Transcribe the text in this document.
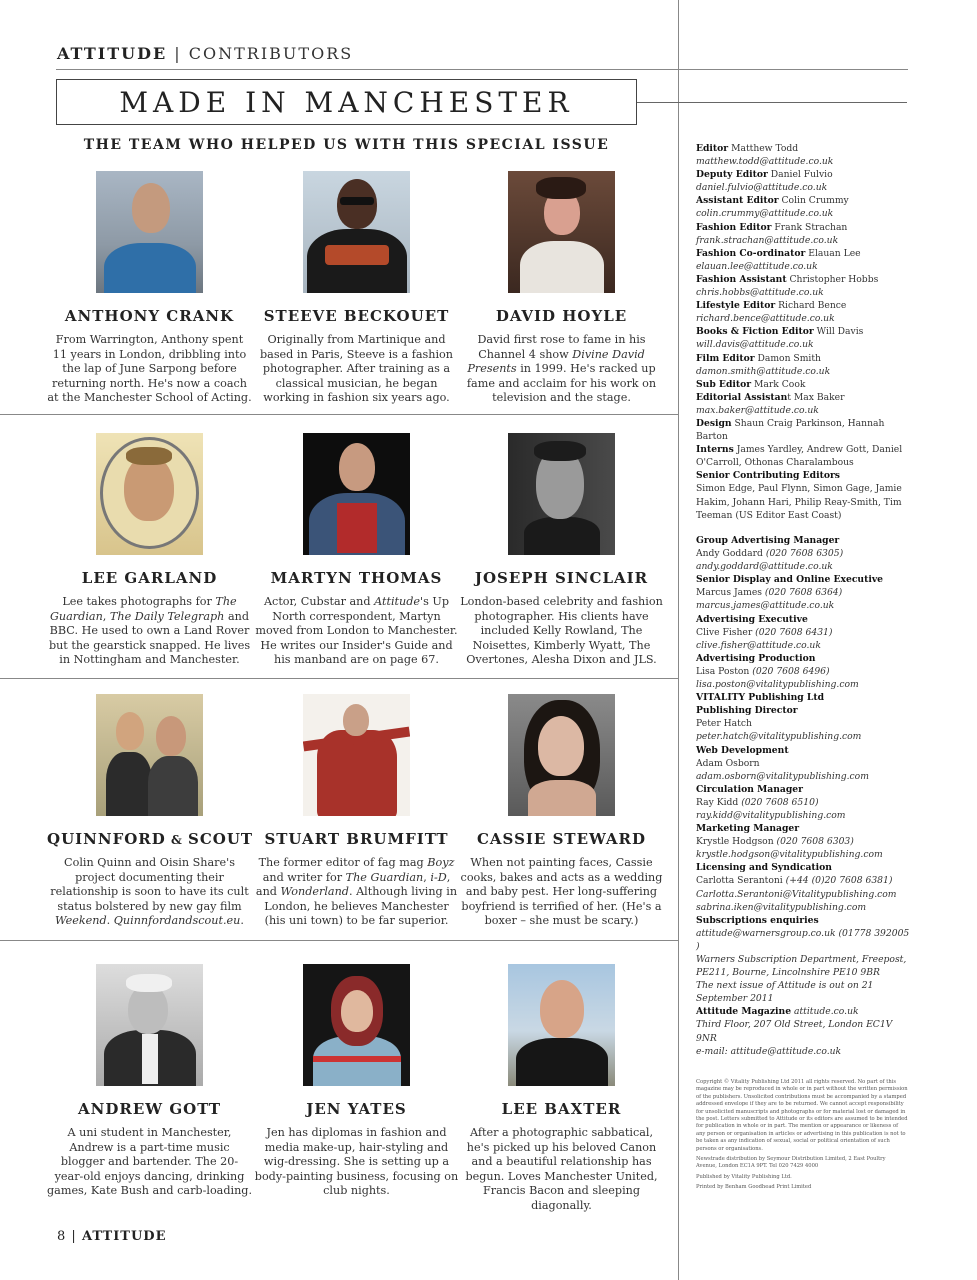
ATTITUDE | CONTRIBUTORS
MADE IN MANCHESTER
THE TEAM WHO HELPED US WITH THIS SPECIAL ISSUE
ANTHONY CRANK
From Warrington, Anthony spent 11 years in London, dribbling into the lap of June Sarpong before returning north. He's now a coach at the Manchester School of Acting.
STEEVE BECKOUET
Originally from Martinique and based in Paris, Steeve is a fashion photographer. After training as a classical musician, he began working in fashion six years ago.
DAVID HOYLE
David first rose to fame in his Channel 4 show Divine David Presents in 1999. He's racked up fame and acclaim for his work on television and the stage.
LEE GARLAND
Lee takes photographs for The Guardian, The Daily Telegraph and BBC. He used to own a Land Rover but the gearstick snapped. He lives in Nottingham and Manchester.
MARTYN THOMAS
Actor, Cubstar and Attitude's Up North correspondent, Martyn moved from London to Manchester. He writes our Insider's Guide and his manband are on page 67.
JOSEPH SINCLAIR
London-based celebrity and fashion photographer. His clients have included Kelly Rowland, The Noisettes, Kimberly Wyatt, The Overtones, Alesha Dixon and JLS.
QUINNFORD & SCOUT
Colin Quinn and Oisin Share's project documenting their relationship is soon to have its cult status bolstered by new gay film Weekend. Quinnfordandscout.eu.
STUART BRUMFITT
The former editor of fag mag Boyz and writer for The Guardian, i-D, and Wonderland. Although living in London, he believes Manchester (his uni town) to be far superior.
CASSIE STEWARD
When not painting faces, Cassie cooks, bakes and acts as a wedding and baby pest. Her long-suffering boyfriend is terrified of her. (He's a boxer – she must be scary.)
ANDREW GOTT
A uni student in Manchester, Andrew is a part-time music blogger and bartender. The 20-year-old enjoys dancing, drinking games, Kate Bush and carb-loading.
JEN YATES
Jen has diplomas in fashion and media make-up, hair-styling and wig-dressing. She is setting up a body-painting business, focusing on club nights.
LEE BAXTER
After a photographic sabbatical, he's picked up his beloved Canon and a beautiful relationship has begun. Loves Manchester United, Francis Bacon and sleeping diagonally.
Editor Matthew Todd
matthew.todd@attitude.co.uk
Deputy Editor Daniel Fulvio
daniel.fulvio@attitude.co.uk
Assistant Editor Colin Crummy
colin.crummy@attitude.co.uk
Fashion Editor Frank Strachan
frank.strachan@attitude.co.uk
Fashion Co-ordinator Elauan Lee
elauan.lee@attitude.co.uk
Fashion Assistant Christopher Hobbs
chris.hobbs@attitude.co.uk
Lifestyle Editor Richard Bence
richard.bence@attitude.co.uk
Books & Fiction Editor Will Davis
will.davis@attitude.co.uk
Film Editor Damon Smith
damon.smith@attitude.co.uk
Sub Editor Mark Cook
Editorial Assistant Max Baker
max.baker@attitude.co.uk
Design Shaun Craig Parkinson, Hannah Barton
Interns James Yardley, Andrew Gott, Daniel O'Carroll, Othonas Charalambous
Senior Contributing Editors
Simon Edge, Paul Flynn, Simon Gage, Jamie Hakim, Johann Hari, Philip Reay-Smith, Tim Teeman (US Editor East Coast)
Group Advertising Manager
Andy Goddard (020 7608 6305)
andy.goddard@attitude.co.uk
Senior Display and Online Executive
Marcus James (020 7608 6364)
marcus.james@attitude.co.uk
Advertising Executive
Clive Fisher (020 7608 6431)
clive.fisher@attitude.co.uk
Advertising Production
Lisa Poston (020 7608 6496)
lisa.poston@vitalitypublishing.com
VITALITY Publishing Ltd
Publishing Director
Peter Hatch
peter.hatch@vitalitypublishing.com
Web Development
Adam Osborn
adam.osborn@vitalitypublishing.com
Circulation Manager
Ray Kidd (020 7608 6510)
ray.kidd@vitalitypublishing.com
Marketing Manager
Krystle Hodgson (020 7608 6303)
krystle.hodgson@vitalitypublishing.com
Licensing and Syndication
Carlotta Serantoni (+44 (0)20 7608 6381)
Carlotta.Serantoni@Vitalitypublishing.com
sabrina.iken@vitalitypublishing.com
Subscriptions enquiries
attitude@warnersgroup.co.uk (01778 392005 )
Warners Subscription Department, Freepost, PE211, Bourne, Lincolnshire PE10 9BR
The next issue of Attitude is out on 21 September 2011
Attitude Magazine attitude.co.uk
Third Floor, 207 Old Street, London EC1V 9NR
e-mail: attitude@attitude.co.uk

Copyright © Vitality Publishing Ltd 2011 all rights reserved. No part of this magazine may be reproduced in whole or in part without the written permission of the publishers. Unsolicited contributions must be accompanied by a stamped addressed envelope if they are to be returned. We cannot accept responsibility for unsolicited manuscripts and photographs or for material lost or damaged in the post. Letters submitted to Attitude or its editors are assumed to be intended for publication in whole or in part. The mention or appearance or likeness of any person or organisation in articles or advertising in this publication is not to be taken as any indication of sexual, social or political orientation of such persons or organisations.

Newstrade distribution by Seymour Distribution Limited, 2 East Poultry Avenue, London EC1A 9PT. Tel 020 7429 4000

Published by Vitality Publishing Ltd.

Printed by Benham Goodhead Print Limited

8 | ATTITUDE
